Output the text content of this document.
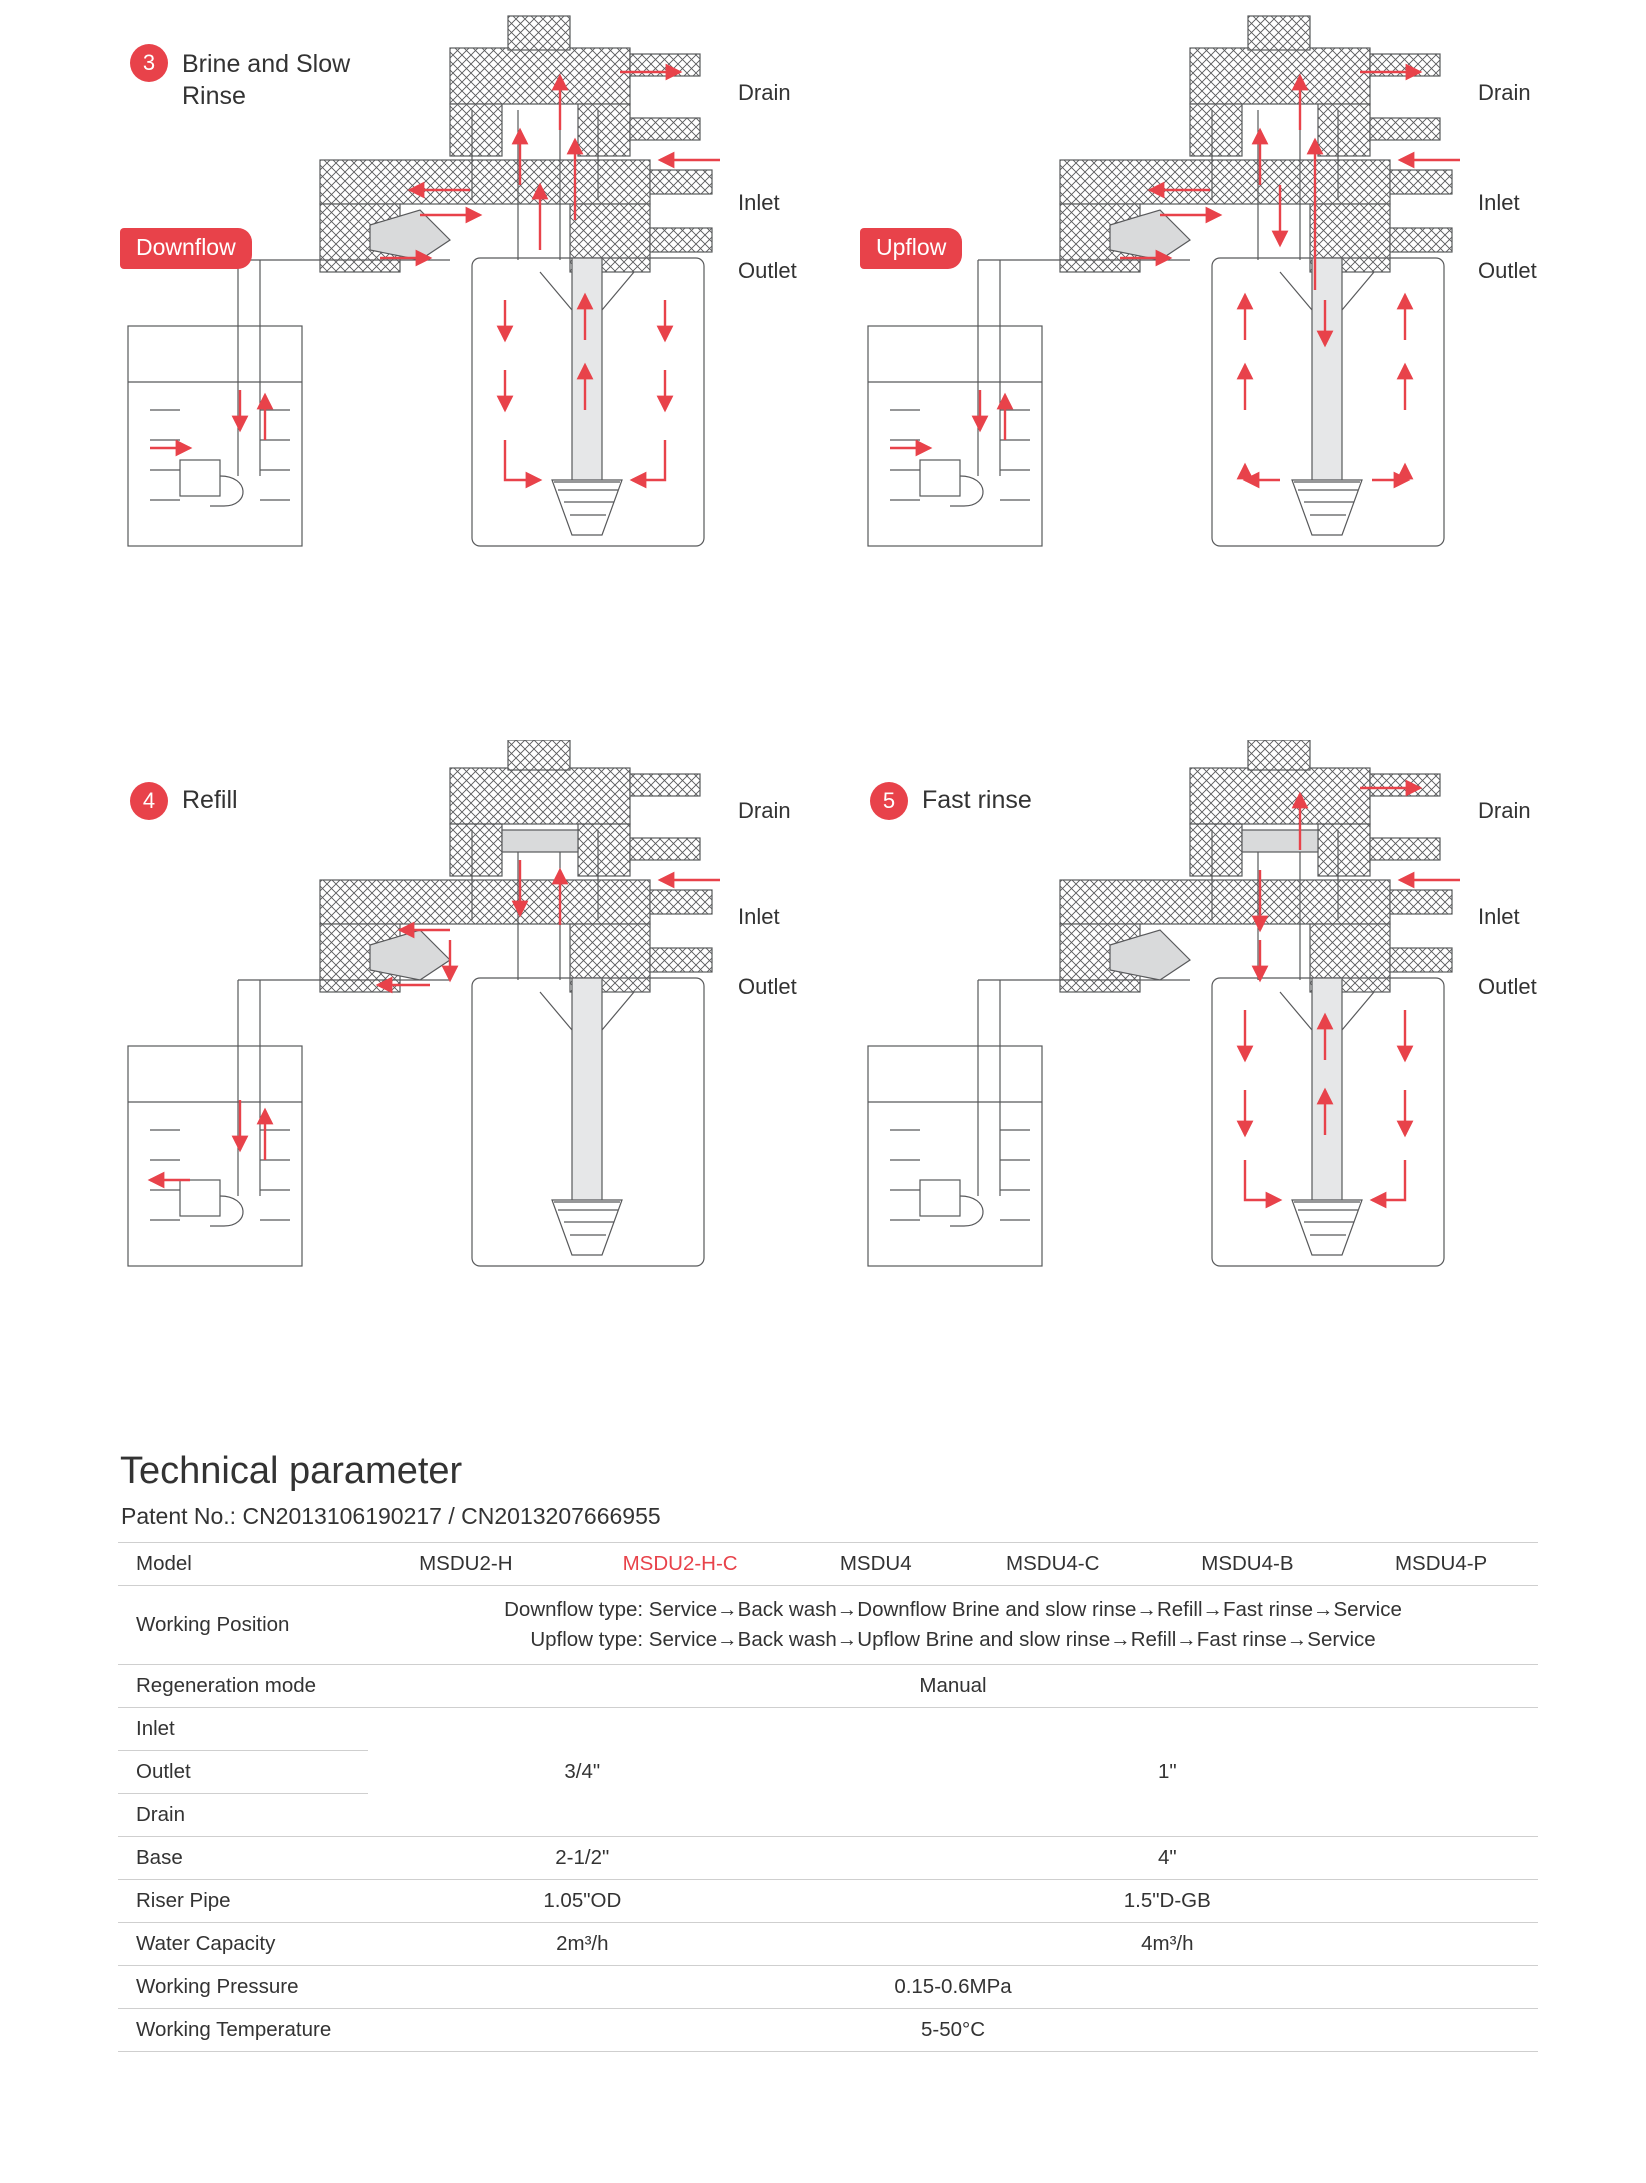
3	Brine and Slow Rinse
Downflow
Drain
Inlet
Outlet
Upflow
Drain
Inlet
Outlet
4	Refill	Drain
Inlet
Outlet
5	Fast rinse	Drain
Inlet
Outlet
Technical parameter
Patent No.: CN2013106190217 / CN2013207666955
Model	MSDU2-H	MSDU2-H-C	MSDU4	MSDU4-C	MSDU4-B	MSDU4-P
Working Position	Downflow type: Service→Back wash→Downflow Brine and slow rinse→Refill→Fast rinse→Service
Upflow type: Service→Back wash→Upflow Brine and slow rinse→Refill→Fast rinse→Service					

Regeneration mode	Manual					
Inlet	3/4"		1"			
Outlet						
Drain						
Base	2-1/2"		4"			
Riser Pipe	1.05"OD		1.5"D-GB			
Water Capacity	2m³/h		4m³/h			
Working Pressure	0.15-0.6MPa					
Working Temperature	5-50°C					
